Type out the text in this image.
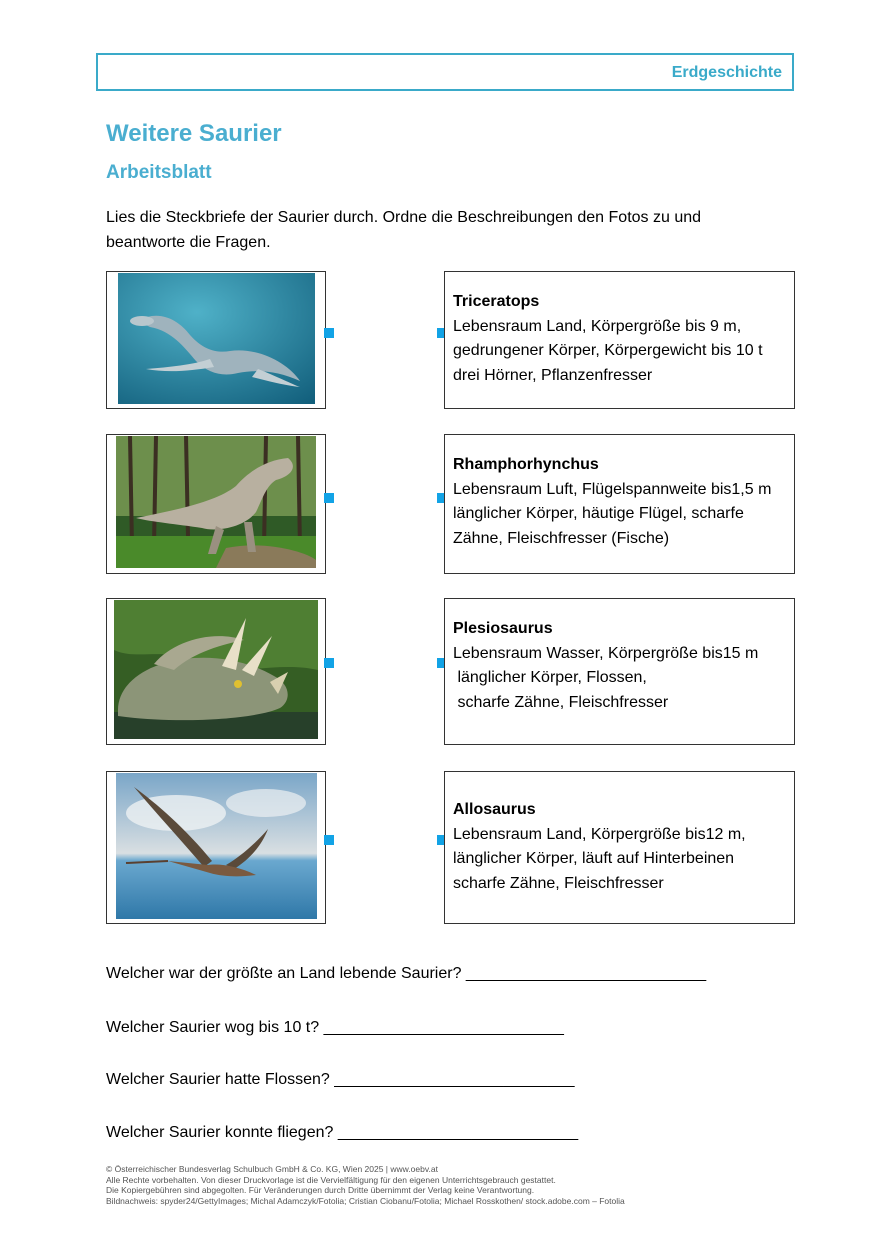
Erdgeschichte
Weitere Saurier
Arbeitsblatt
Lies die Steckbriefe der Saurier durch. Ordne die Beschreibungen den Fotos zu und beantworte die Fragen.
Triceratops
Lebensraum Land, Körpergröße bis 9 m,
gedrungener Körper, Körpergewicht bis 10 t
drei Hörner, Pflanzenfresser
Rhamphorhynchus
Lebensraum Luft, Flügelspannweite bis1,5 m
länglicher Körper, häutige Flügel, scharfe
Zähne, Fleischfresser (Fische)
Plesiosaurus
Lebensraum Wasser, Körpergröße bis15 m
länglicher Körper, Flossen,
scharfe Zähne, Fleischfresser
Allosaurus
Lebensraum Land, Körpergröße bis12 m,
länglicher Körper, läuft auf Hinterbeinen
scharfe Zähne, Fleischfresser
Welcher war der größte an Land lebende Saurier? ___________________________
Welcher Saurier wog bis 10 t? ___________________________
Welcher Saurier hatte Flossen? ___________________________
Welcher Saurier konnte fliegen? ___________________________
© Österreichischer Bundesverlag Schulbuch GmbH & Co. KG, Wien 2025 | www.oebv.at
Alle Rechte vorbehalten. Von dieser Druckvorlage ist die Vervielfältigung für den eigenen Unterrichtsgebrauch gestattet.
Die Kopiergebühren sind abgegolten. Für Veränderungen durch Dritte übernimmt der Verlag keine Verantwortung.
Bildnachweis: spyder24/GettyImages; Michal Adamczyk/Fotolia; Cristian Ciobanu/Fotolia; Michael Rosskothen/ stock.adobe.com – Fotolia
